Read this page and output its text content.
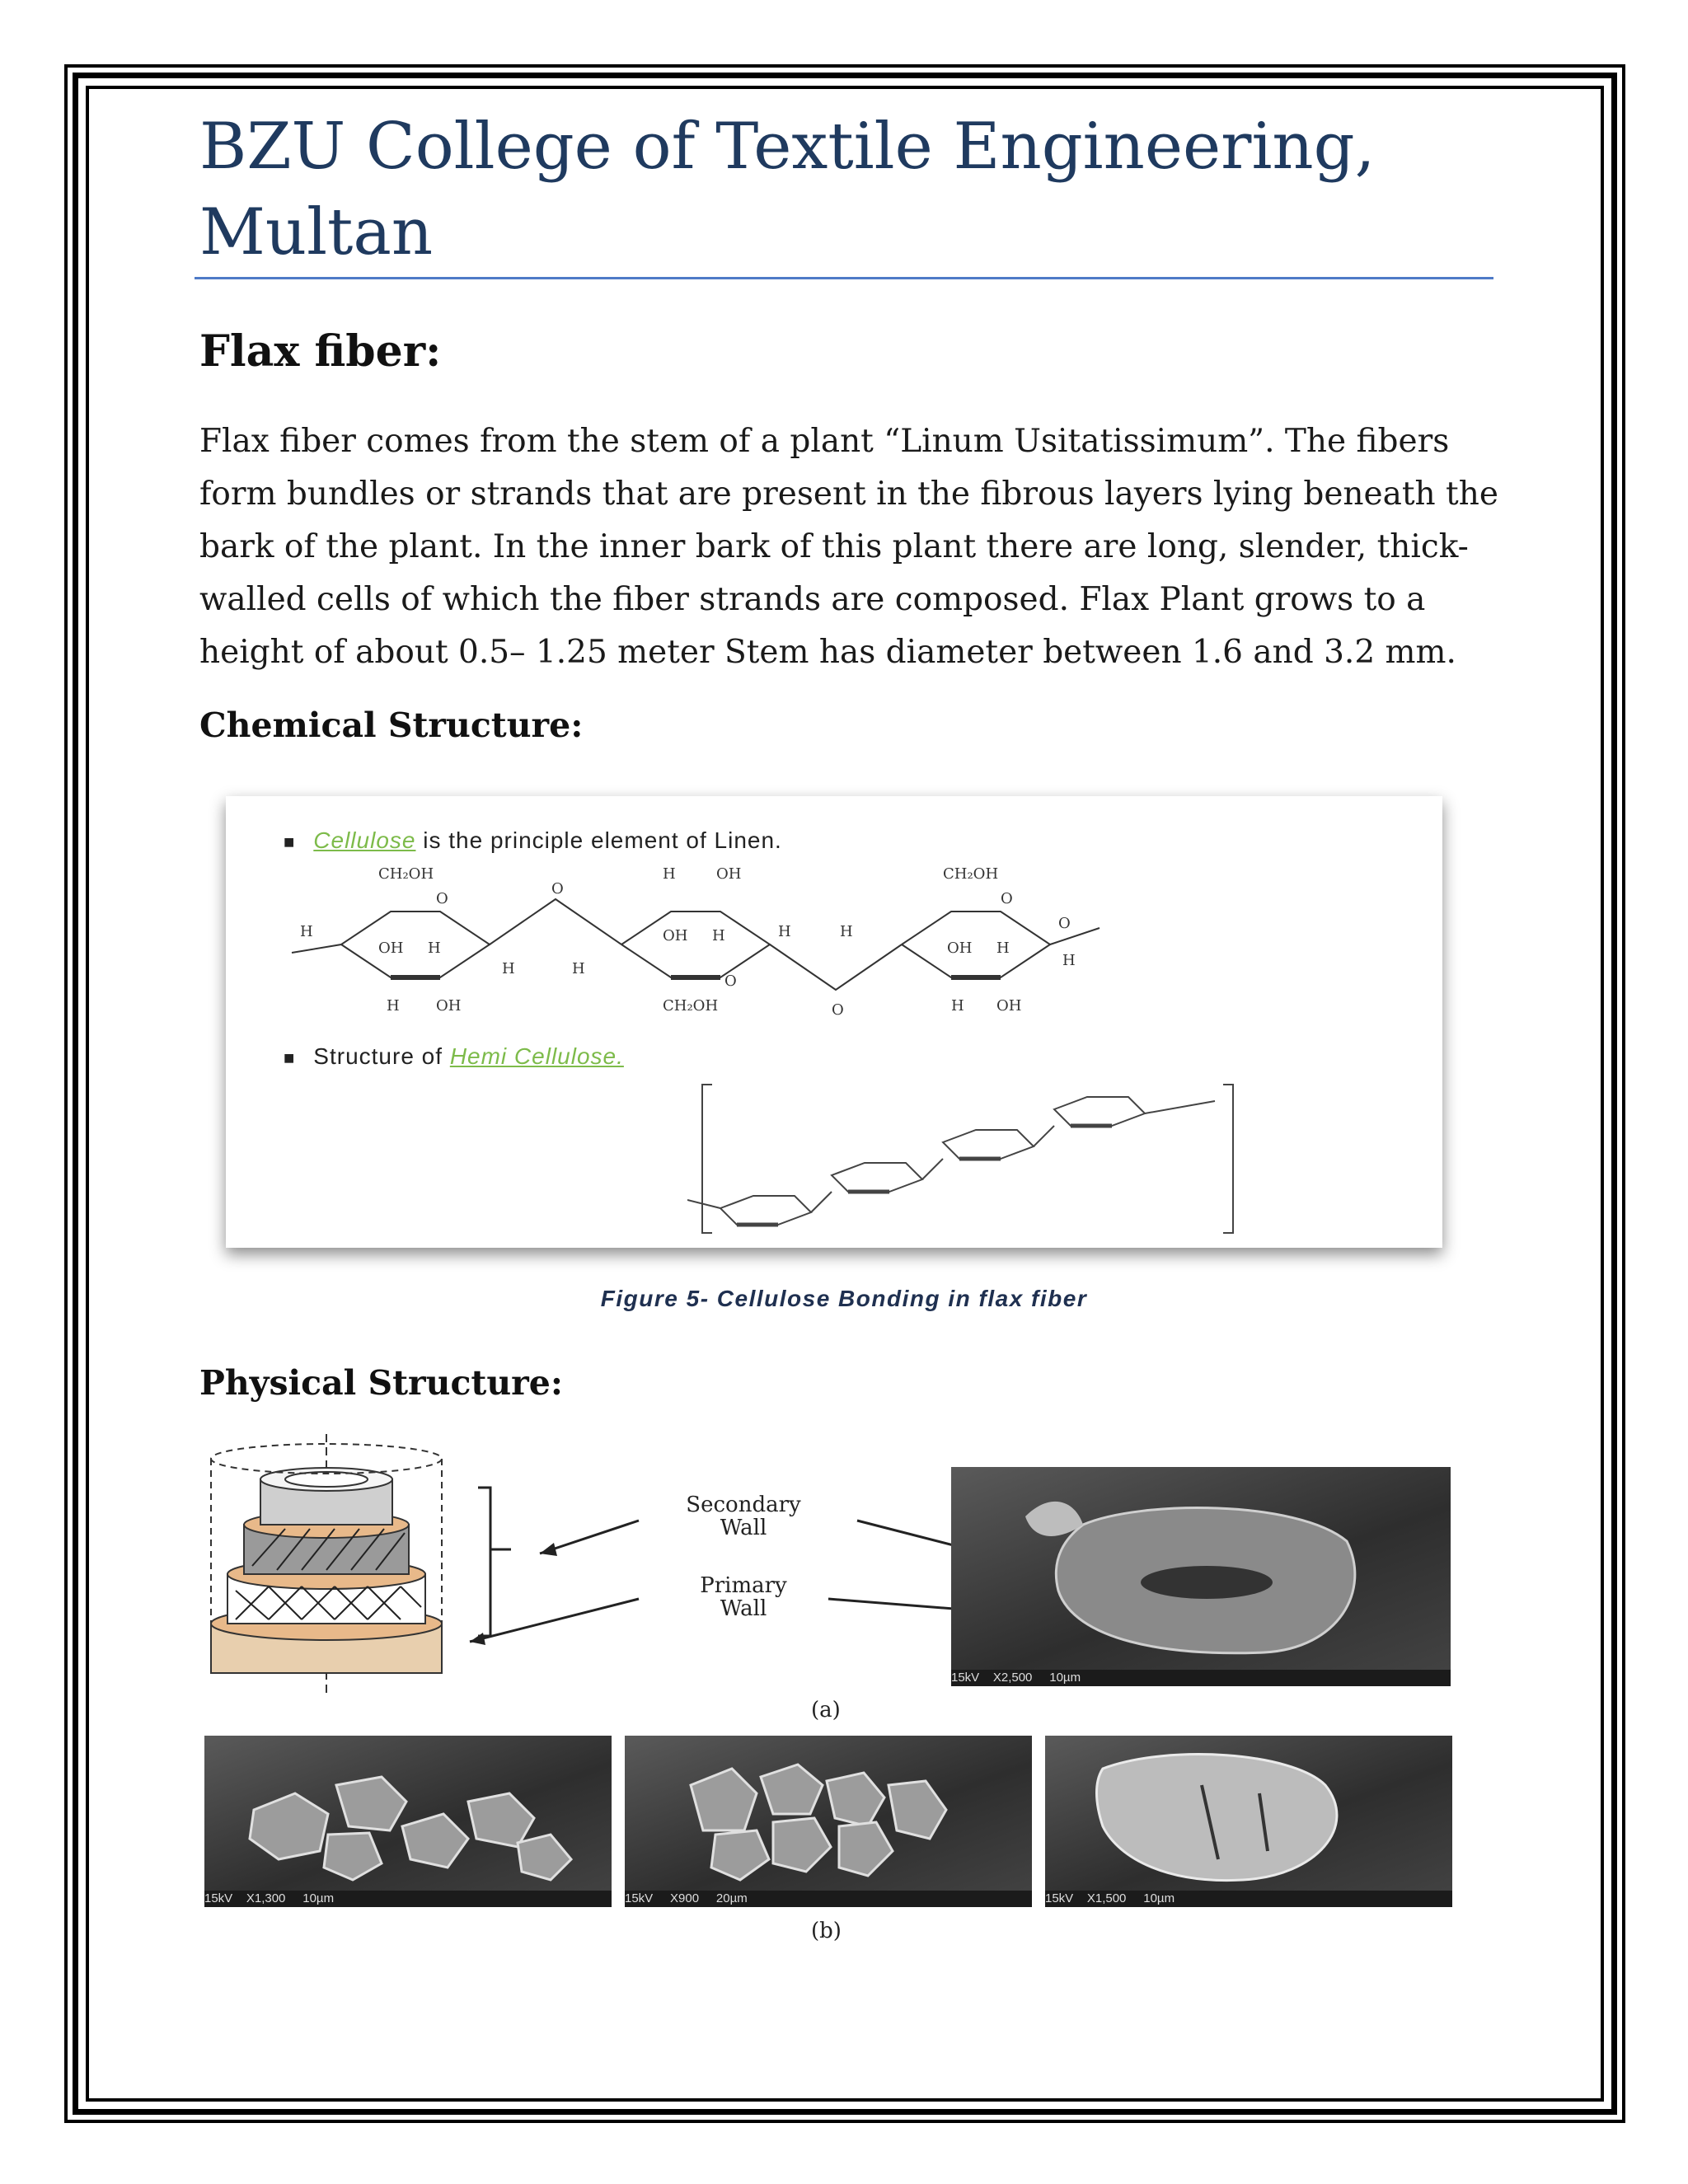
BZU College of Textile Engineering, Multan
Flax fiber:

Flax fiber comes from the stem of a plant “Linum Usitatissimum”. The fibers form bundles or strands that are present in the fibrous layers lying beneath the bark of the plant. In the inner bark of this plant there are long, slender, thick-walled cells of which the fiber strands are composed. Flax Plant grows to a height of about 0.5– 1.25 meter Stem has diameter between 1.6 and 3.2 mm.

Chemical Structure:
■ Cellulose is the principle element of Linen.
CH₂OH
O
H
OH H
H
H OH
O
H	OH
OH H
CH₂OH
O
H
H
O
H
CH₂OH
O
OH H
H OH
O
H
■ Structure of Hemi Cellulose.
Figure 5- Cellulose Bonding in flax fiber
Physical Structure:
Secondary
Wall
Primary
Wall
15kV    X2,500     10µm
(a)
15kV    X1,300     10µm	15kV     X900     20µm	15kV    X1,500     10µm
(b)
